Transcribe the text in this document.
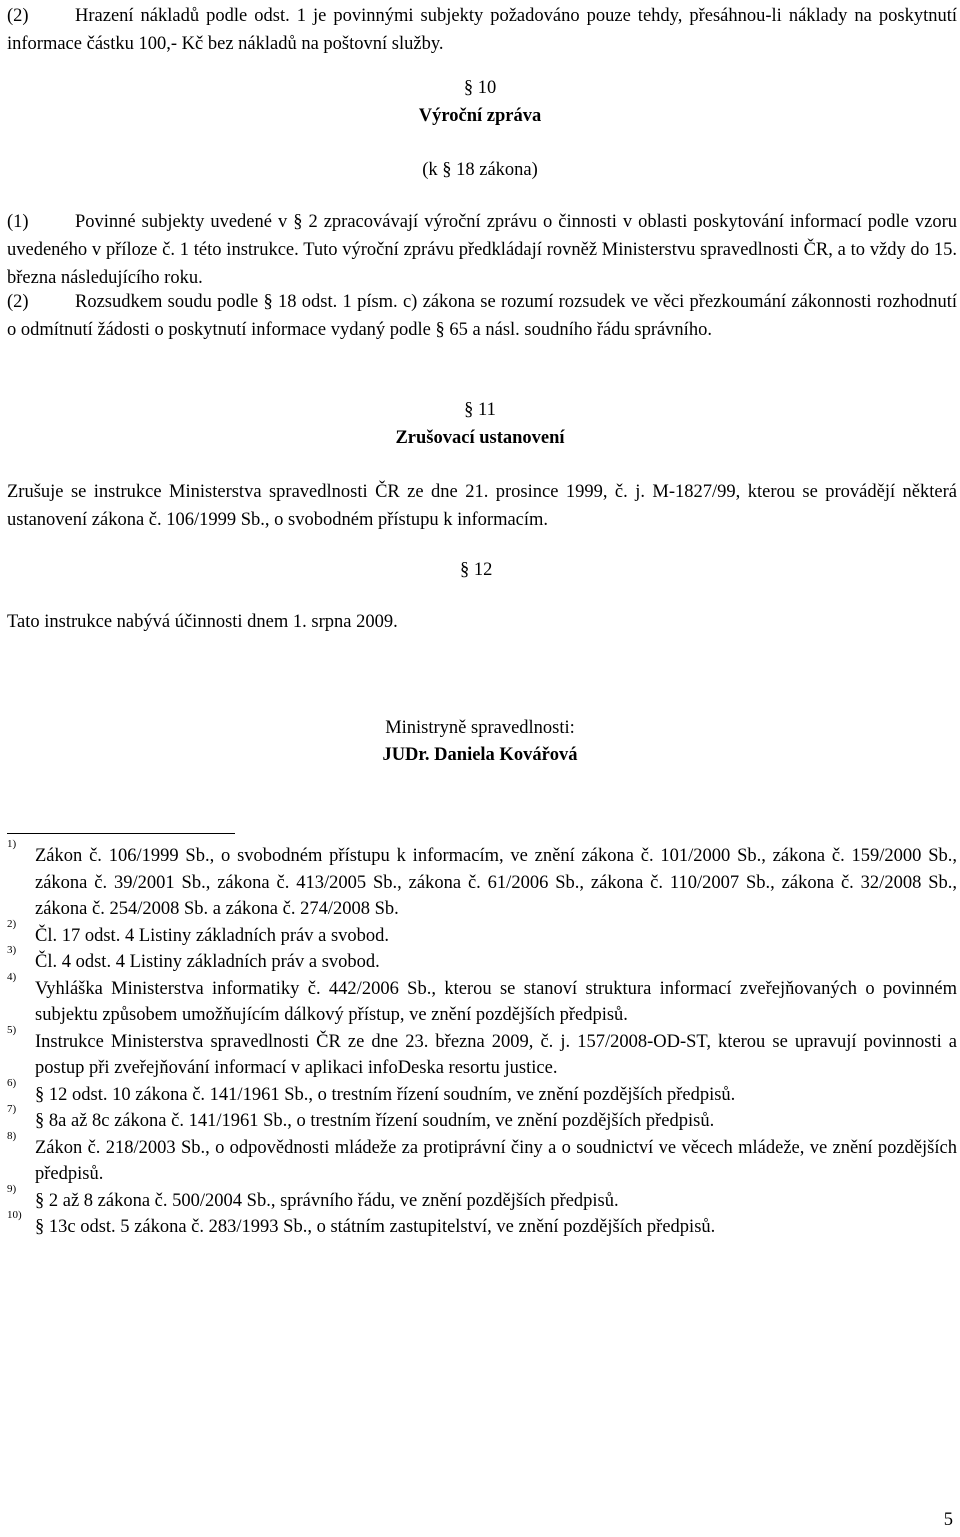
(2)	Hrazení nákladů podle odst. 1 je povinnými subjekty požadováno pouze tehdy, přesáhnou-li náklady na poskytnutí informace částku 100,- Kč bez nákladů na poštovní služby.

§ 10
Výroční zpráva
(k § 18 zákona)

(1)	Povinné subjekty uvedené v § 2 zpracovávají výroční zprávu o činnosti v oblasti poskytování informací podle vzoru uvedeného v příloze č. 1 této instrukce. Tuto výroční zprávu předkládají rovněž Ministerstvu spravedlnosti ČR, a to vždy do 15. března následujícího roku.

(2)	Rozsudkem soudu podle § 18 odst. 1 písm. c) zákona se rozumí rozsudek ve věci přezkoumání zákonnosti rozhodnutí o odmítnutí žádosti o poskytnutí informace vydaný podle § 65 a násl. soudního řádu správního.

§ 11
Zrušovací ustanovení
Zrušuje se instrukce Ministerstva spravedlnosti ČR ze dne 21. prosince 1999, č. j. M-1827/99, kterou se provádějí některá ustanovení zákona č. 106/1999 Sb., o svobodném přístupu k informacím.
§ 12
Tato instrukce nabývá účinnosti dnem 1. srpna 2009.
Ministryně spravedlnosti:
JUDr. Daniela Kovářová
1)
Zákon č. 106/1999 Sb., o svobodném přístupu k informacím, ve znění zákona č. 101/2000 Sb., zákona č. 159/2000 Sb., zákona č. 39/2001 Sb., zákona č. 413/2005 Sb., zákona č. 61/2006 Sb., zákona č. 110/2007 Sb., zákona č. 32/2008 Sb., zákona č. 254/2008 Sb. a zákona č. 274/2008 Sb.
2)
Čl. 17 odst. 4 Listiny základních práv a svobod.
3)
Čl. 4 odst. 4 Listiny základních práv a svobod.
4)
Vyhláška Ministerstva informatiky č. 442/2006 Sb., kterou se stanoví struktura informací zveřejňovaných o povinném subjektu způsobem umožňujícím dálkový přístup, ve znění pozdějších předpisů.
5)
Instrukce Ministerstva spravedlnosti ČR ze dne 23. března 2009, č. j. 157/2008-OD-ST, kterou se upravují povinnosti a postup při zveřejňování informací v aplikaci infoDeska resortu justice.
6)
§ 12 odst. 10 zákona č. 141/1961 Sb., o trestním řízení soudním, ve znění pozdějších předpisů.
7)
§ 8a až 8c zákona č. 141/1961 Sb., o trestním řízení soudním, ve znění pozdějších předpisů.
8)
Zákon č. 218/2003 Sb., o odpovědnosti mládeže za protiprávní činy a o soudnictví ve věcech mládeže, ve znění pozdějších předpisů.
9)
§ 2 až 8 zákona č. 500/2004 Sb., správního řádu, ve znění pozdějších předpisů.
10)
§ 13c odst. 5 zákona č. 283/1993 Sb., o státním zastupitelství, ve znění pozdějších předpisů.
5
